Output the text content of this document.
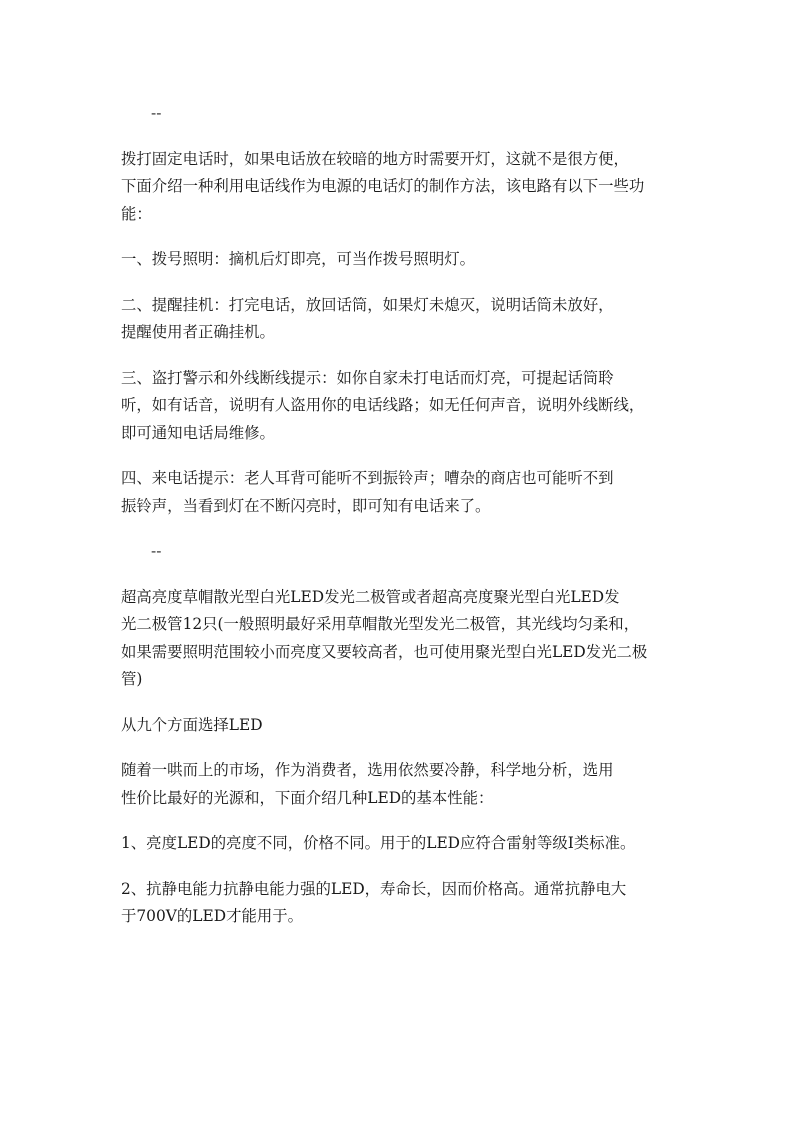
--

拨打固定电话时，如果电话放在较暗的地方时需要开灯，这就不是很方便，
下面介绍一种利用电话线作为电源的电话灯的制作方法，该电路有以下一些功
能：

一、拨号照明：摘机后灯即亮，可当作拨号照明灯。

二、提醒挂机：打完电话，放回话筒，如果灯未熄灭，说明话筒未放好，
提醒使用者正确挂机。

三、盗打警示和外线断线提示：如你自家未打电话而灯亮，可提起话筒聆
听，如有话音，说明有人盗用你的电话线路；如无任何声音，说明外线断线，
即可通知电话局维修。

四、来电话提示：老人耳背可能听不到振铃声；嘈杂的商店也可能听不到
振铃声，当看到灯在不断闪亮时，即可知有电话来了。

--

超高亮度草帽散光型白光LED发光二极管或者超高亮度聚光型白光LED发
光二极管12只(一般照明最好采用草帽散光型发光二极管，其光线均匀柔和，
如果需要照明范围较小而亮度又要较高者，也可使用聚光型白光LED发光二极
管)

从九个方面选择LED

随着一哄而上的市场，作为消费者，选用依然要冷静，科学地分析，选用
性价比最好的光源和，下面介绍几种LED的基本性能：

1、亮度LED的亮度不同，价格不同。用于的LED应符合雷射等级Ⅰ类标准。

2、抗静电能力抗静电能力强的LED，寿命长，因而价格高。通常抗静电大
于700V的LED才能用于。
